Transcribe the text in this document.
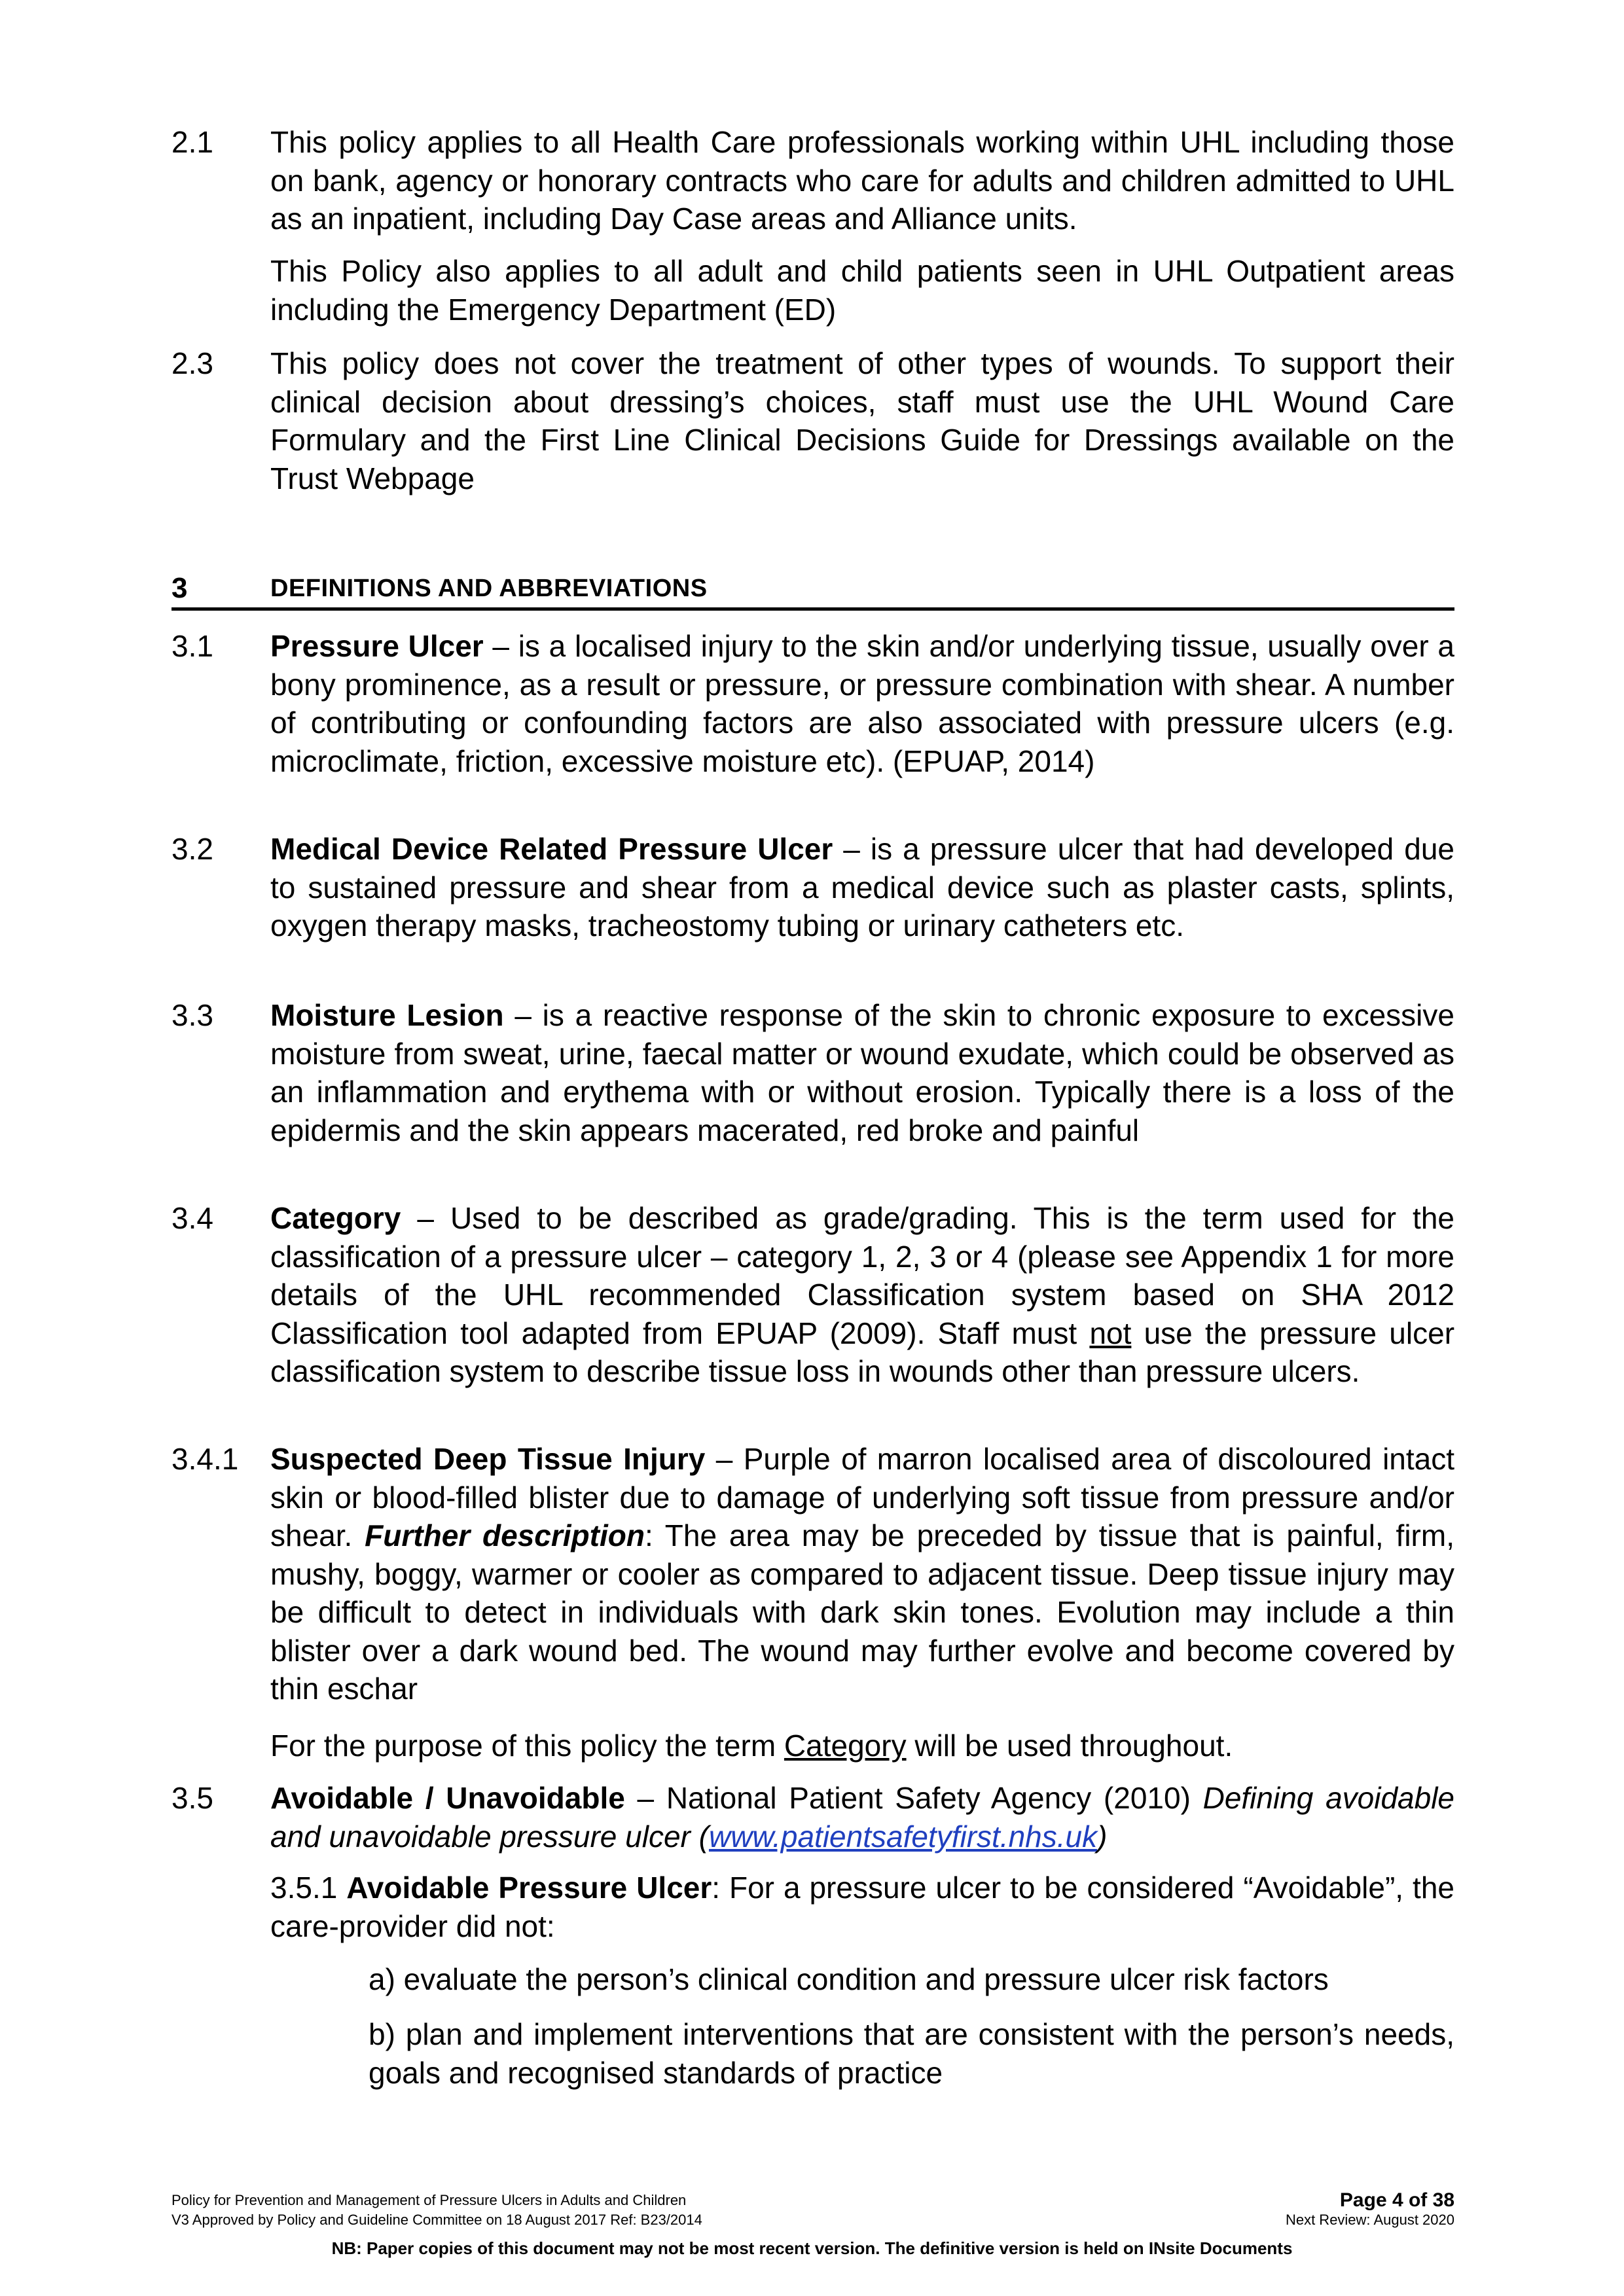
2.1 This policy applies to all Health Care professionals working within UHL including those on bank, agency or honorary contracts who care for adults and children admitted to UHL as an inpatient, including Day Case areas and Alliance units.
This Policy also applies to all adult and child patients seen in UHL Outpatient areas including the Emergency Department (ED)
2.3 This policy does not cover the treatment of other types of wounds. To support their clinical decision about dressing’s choices, staff must use the UHL Wound Care Formulary and the First Line Clinical Decisions Guide for Dressings available on the Trust Webpage
3	DEFINITIONS AND ABBREVIATIONS
3.1 Pressure Ulcer – is a localised injury to the skin and/or underlying tissue, usually over a bony prominence, as a result or pressure, or pressure combination with shear. A number of contributing or confounding factors are also associated with pressure ulcers (e.g. microclimate, friction, excessive moisture etc). (EPUAP, 2014)
3.2 Medical Device Related Pressure Ulcer – is a pressure ulcer that had developed due to sustained pressure and shear from a medical device such as plaster casts, splints, oxygen therapy masks, tracheostomy tubing or urinary catheters etc.
3.3 Moisture Lesion – is a reactive response of the skin to chronic exposure to excessive moisture from sweat, urine, faecal matter or wound exudate, which could be observed as an inflammation and erythema with or without erosion. Typically there is a loss of the epidermis and the skin appears macerated, red broke and painful
3.4 Category – Used to be described as grade/grading. This is the term used for the classification of a pressure ulcer – category 1, 2, 3 or 4 (please see Appendix 1 for more details of the UHL recommended Classification system based on SHA 2012 Classification tool adapted from EPUAP (2009). Staff must not use the pressure ulcer classification system to describe tissue loss in wounds other than pressure ulcers.
3.4.1 Suspected Deep Tissue Injury – Purple of marron localised area of discoloured intact skin or blood-filled blister due to damage of underlying soft tissue from pressure and/or shear. Further description: The area may be preceded by tissue that is painful, firm, mushy, boggy, warmer or cooler as compared to adjacent tissue. Deep tissue injury may be difficult to detect in individuals with dark skin tones. Evolution may include a thin blister over a dark wound bed. The wound may further evolve and become covered by thin eschar
For the purpose of this policy the term Category will be used throughout.
3.5 Avoidable / Unavoidable – National Patient Safety Agency (2010) Defining avoidable and unavoidable pressure ulcer (www.patientsafetyfirst.nhs.uk)
3.5.1 Avoidable Pressure Ulcer: For a pressure ulcer to be considered “Avoidable”, the care-provider did not:
a) evaluate the person’s clinical condition and pressure ulcer risk factors
b) plan and implement interventions that are consistent with the person’s needs, goals and recognised standards of practice
Policy for Prevention and Management of Pressure Ulcers in Adults and Children
V3 Approved by Policy and Guideline Committee on 18 August 2017 Ref: B23/2014
Page 4 of 38
Next Review: August 2020
NB: Paper copies of this document may not be most recent version. The definitive version is held on INsite Documents
